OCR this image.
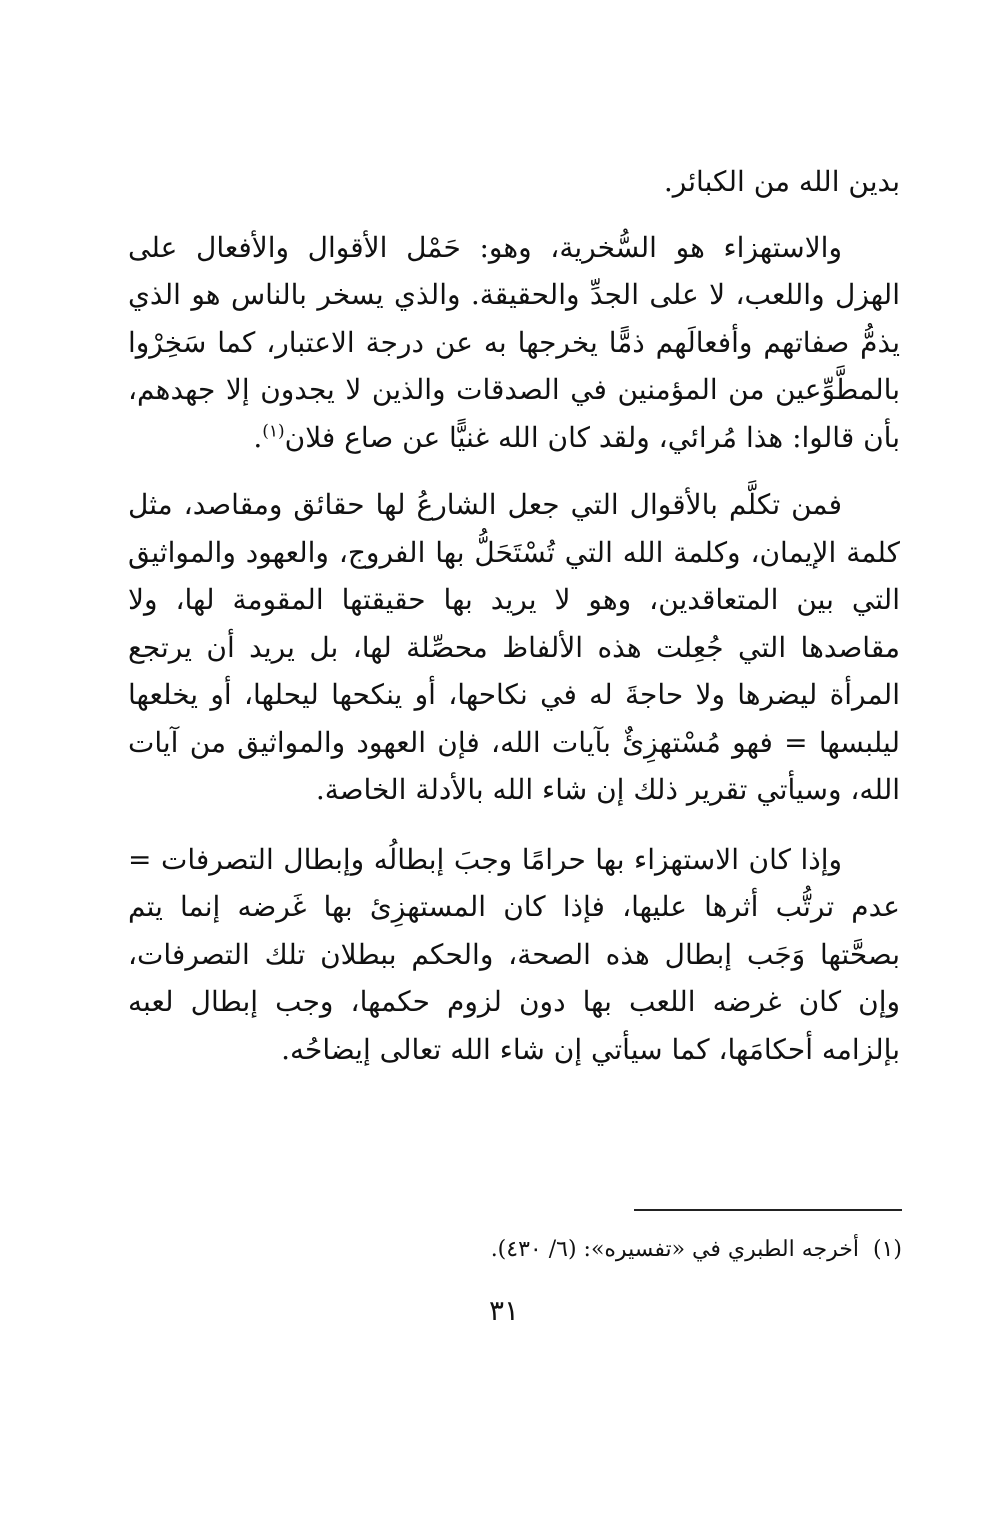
بدين الله من الكبائر.

والاستهزاء هو السُّخرية، وهو: حَمْل الأقوال والأفعال على الهزل واللعب، لا على الجدِّ والحقيقة. والذي يسخر بالناس هو الذي يذمُّ صفاتهم وأفعالَهم ذمًّا يخرجها به عن درجة الاعتبار، كما سَخِرْوا بالمطَّوِّعين من المؤمنين في الصدقات والذين لا يجدون إلا جهدهم، بأن قالوا: هذا مُرائي، ولقد كان الله غنيًّا عن صاع فلان$^{(١)}$.

فمن تكلَّم بالأقوال التي جعل الشارعُ لها حقائق ومقاصد، مثل كلمة الإيمان، وكلمة الله التي تُسْتَحَلُّ بها الفروج، والعهود والمواثيق التي بين المتعاقدين، وهو لا يريد بها حقيقتها المقومة لها، ولا مقاصدها التي جُعِلت هذه الألفاظ محصِّلة لها، بل يريد أن يرتجع المرأة ليضرها ولا حاجةَ له في نكاحها، أو ينكحها ليحلها، أو يخلعها ليلبسها = فهو مُسْتهزِئٌ بآيات الله، فإن العهود والمواثيق من آيات الله، وسيأتي تقرير ذلك إن شاء الله بالأدلة الخاصة.

وإذا كان الاستهزاء بها حرامًا وجبَ إبطالُه وإبطال التصرفات = عدم ترتُّب أثرها عليها، فإذا كان المستهزِئ بها غَرضه إنما يتم بصحَّتها وَجَب إبطال هذه الصحة، والحكم ببطلان تلك التصرفات، وإن كان غرضه اللعب بها دون لزوم حكمها، وجب إبطال لعبه بإلزامه أحكامَها، كما سيأتي إن شاء الله تعالى إيضاحُه.

(١)أخرجه الطبري في «تفسيره»: (٦/ ٤٣٠).
٣١
